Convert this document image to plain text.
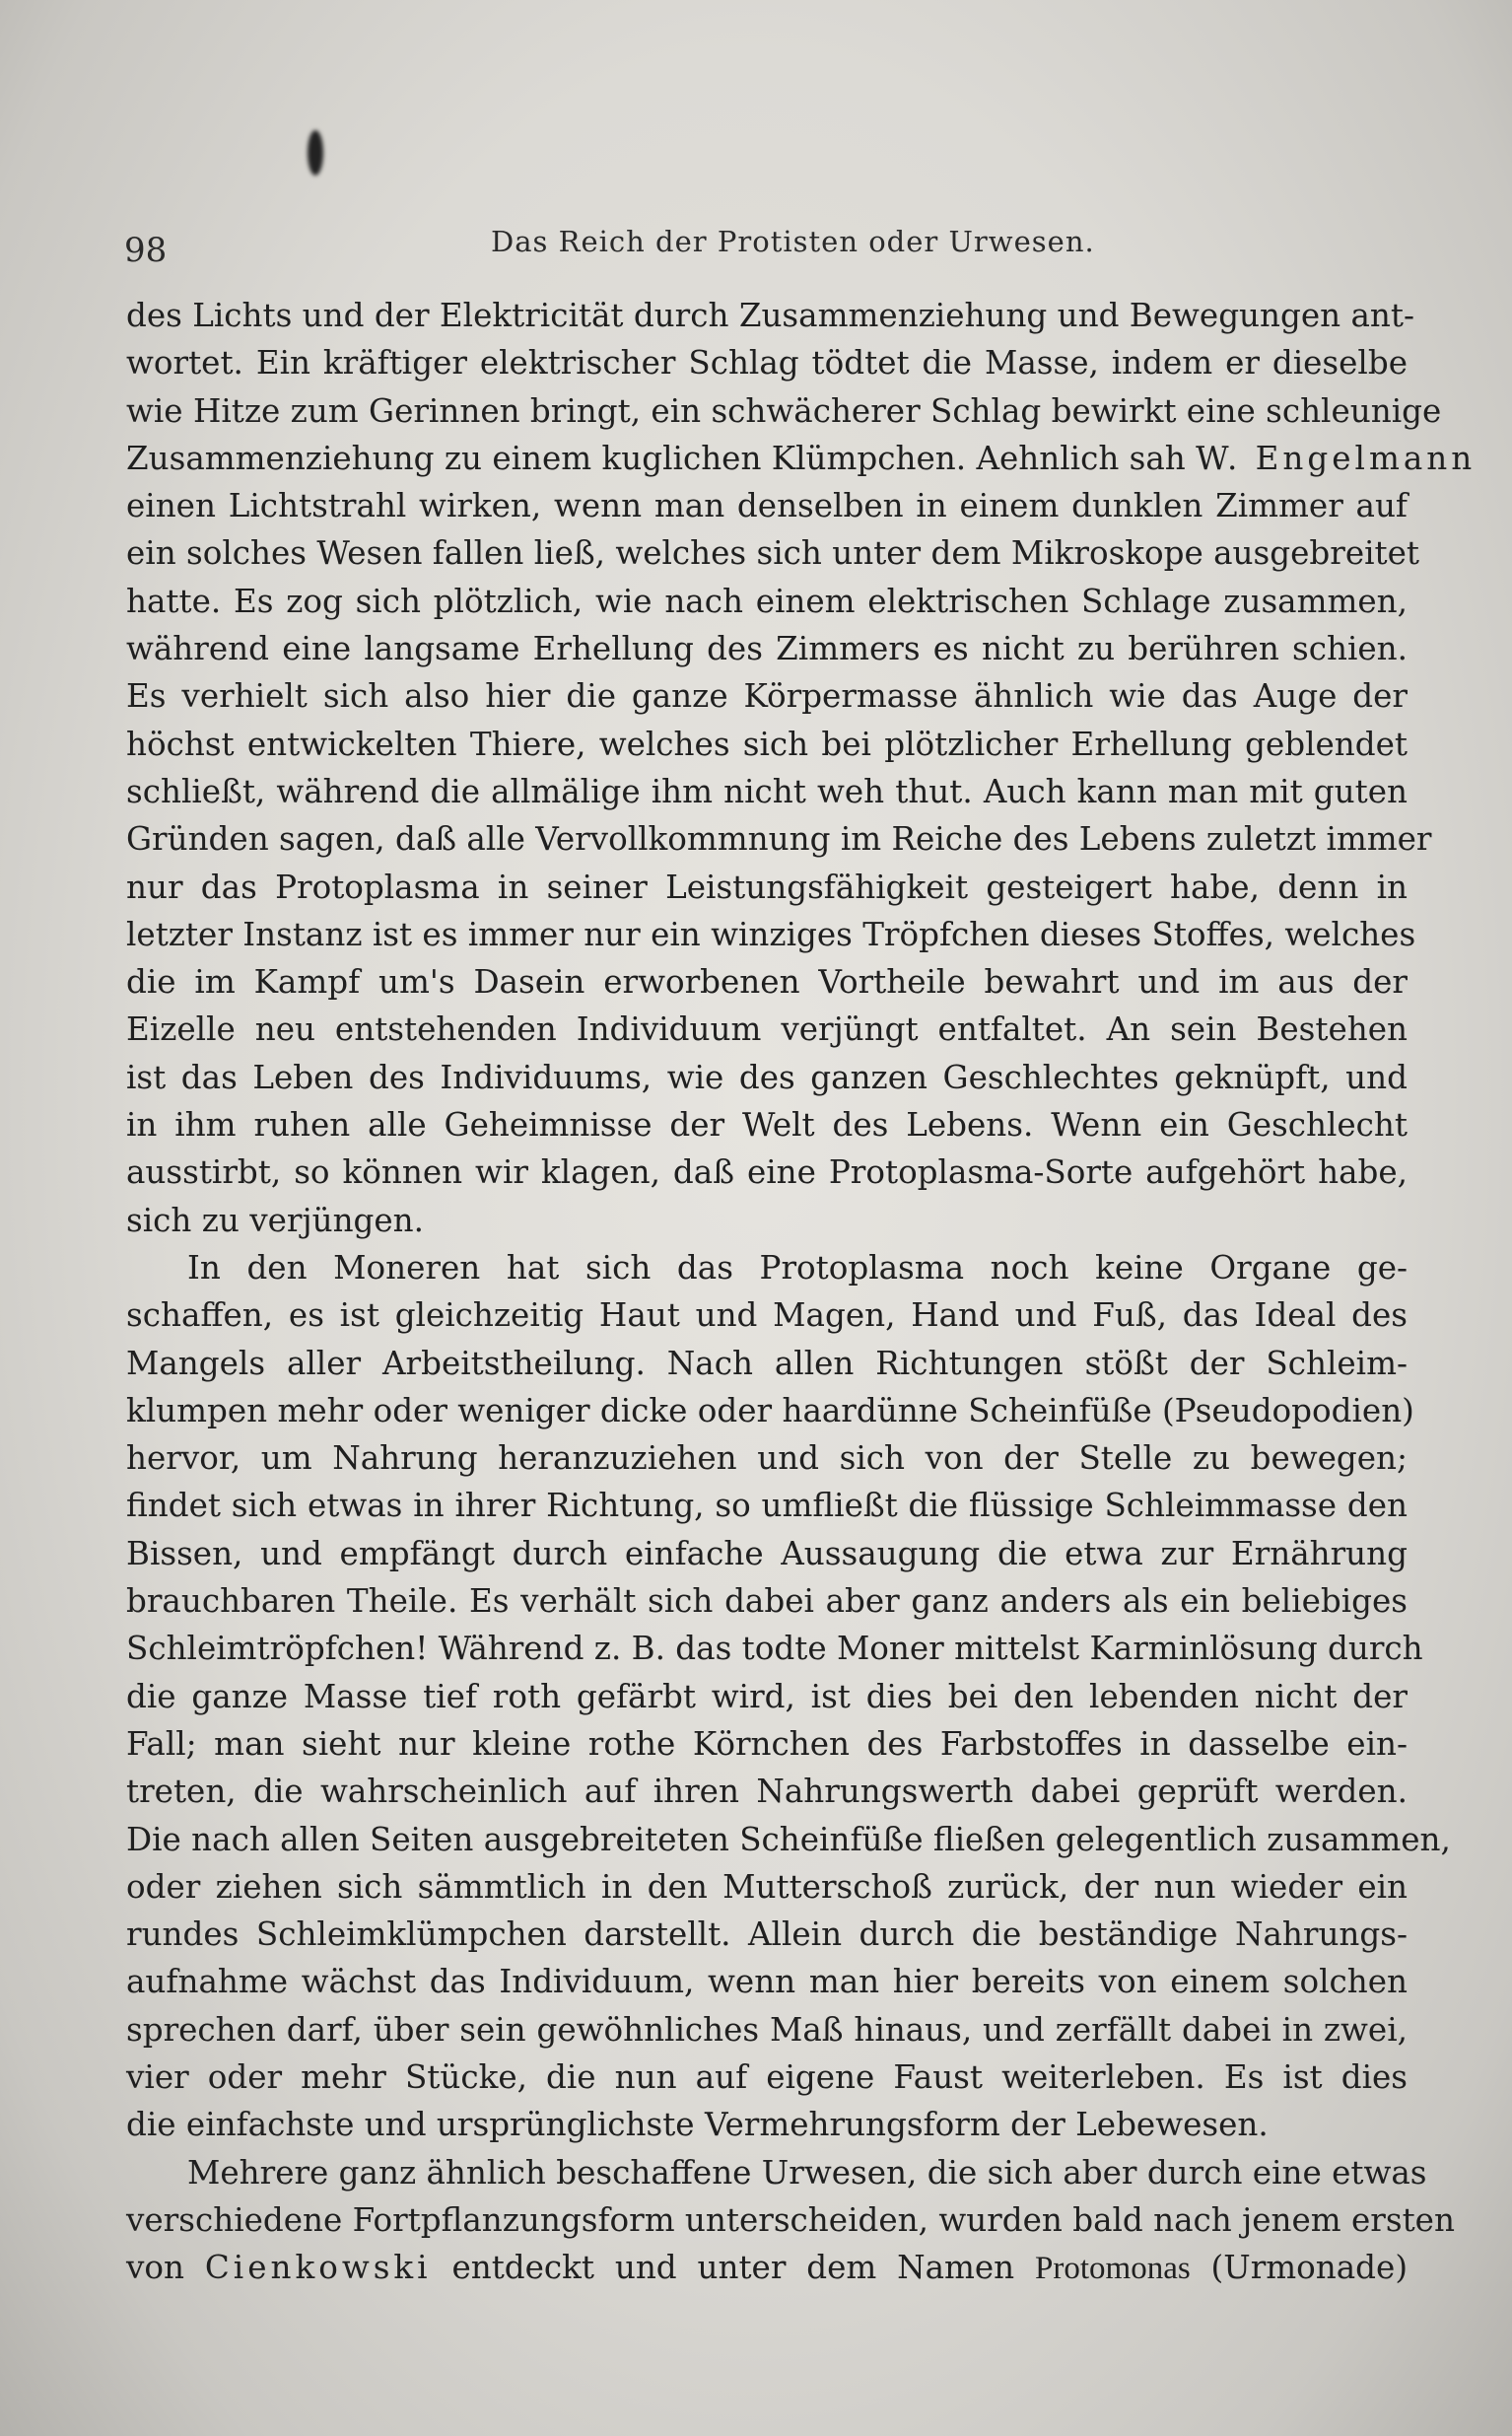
98	Das Reich der Protisten oder Urwesen.
des Lichts und der Elektricität durch Zusammenziehung und Bewegungen ant-
wortet. Ein kräftiger elektrischer Schlag tödtet die Masse, indem er dieselbe
wie Hitze zum Gerinnen bringt, ein schwächerer Schlag bewirkt eine schleunige
Zusammenziehung zu einem kuglichen Klümpchen. Aehnlich sah W. Engelmann
einen Lichtstrahl wirken, wenn man denselben in einem dunklen Zimmer auf
ein solches Wesen fallen ließ, welches sich unter dem Mikroskope ausgebreitet
hatte. Es zog sich plötzlich, wie nach einem elektrischen Schlage zusammen,
während eine langsame Erhellung des Zimmers es nicht zu berühren schien.
Es verhielt sich also hier die ganze Körpermasse ähnlich wie das Auge der
höchst entwickelten Thiere, welches sich bei plötzlicher Erhellung geblendet
schließt, während die allmälige ihm nicht weh thut. Auch kann man mit guten
Gründen sagen, daß alle Vervollkommnung im Reiche des Lebens zuletzt immer
nur das Protoplasma in seiner Leistungsfähigkeit gesteigert habe, denn in
letzter Instanz ist es immer nur ein winziges Tröpfchen dieses Stoffes, welches
die im Kampf um's Dasein erworbenen Vortheile bewahrt und im aus der
Eizelle neu entstehenden Individuum verjüngt entfaltet. An sein Bestehen
ist das Leben des Individuums, wie des ganzen Geschlechtes geknüpft, und
in ihm ruhen alle Geheimnisse der Welt des Lebens. Wenn ein Geschlecht
ausstirbt, so können wir klagen, daß eine Protoplasma-Sorte aufgehört habe,
sich zu verjüngen.
In den Moneren hat sich das Protoplasma noch keine Organe ge-
schaffen, es ist gleichzeitig Haut und Magen, Hand und Fuß, das Ideal des
Mangels aller Arbeitstheilung. Nach allen Richtungen stößt der Schleim-
klumpen mehr oder weniger dicke oder haardünne Scheinfüße (Pseudopodien)
hervor, um Nahrung heranzuziehen und sich von der Stelle zu bewegen;
findet sich etwas in ihrer Richtung, so umfließt die flüssige Schleimmasse den
Bissen, und empfängt durch einfache Aussaugung die etwa zur Ernährung
brauchbaren Theile. Es verhält sich dabei aber ganz anders als ein beliebiges
Schleimtröpfchen! Während z. B. das todte Moner mittelst Karminlösung durch
die ganze Masse tief roth gefärbt wird, ist dies bei den lebenden nicht der
Fall; man sieht nur kleine rothe Körnchen des Farbstoffes in dasselbe ein-
treten, die wahrscheinlich auf ihren Nahrungswerth dabei geprüft werden.
Die nach allen Seiten ausgebreiteten Scheinfüße fließen gelegentlich zusammen,
oder ziehen sich sämmtlich in den Mutterschoß zurück, der nun wieder ein
rundes Schleimklümpchen darstellt. Allein durch die beständige Nahrungs-
aufnahme wächst das Individuum, wenn man hier bereits von einem solchen
sprechen darf, über sein gewöhnliches Maß hinaus, und zerfällt dabei in zwei,
vier oder mehr Stücke, die nun auf eigene Faust weiterleben. Es ist dies
die einfachste und ursprünglichste Vermehrungsform der Lebewesen.
Mehrere ganz ähnlich beschaffene Urwesen, die sich aber durch eine etwas
verschiedene Fortpflanzungsform unterscheiden, wurden bald nach jenem ersten
von Cienkowski entdeckt und unter dem Namen Protomonas (Urmonade)
